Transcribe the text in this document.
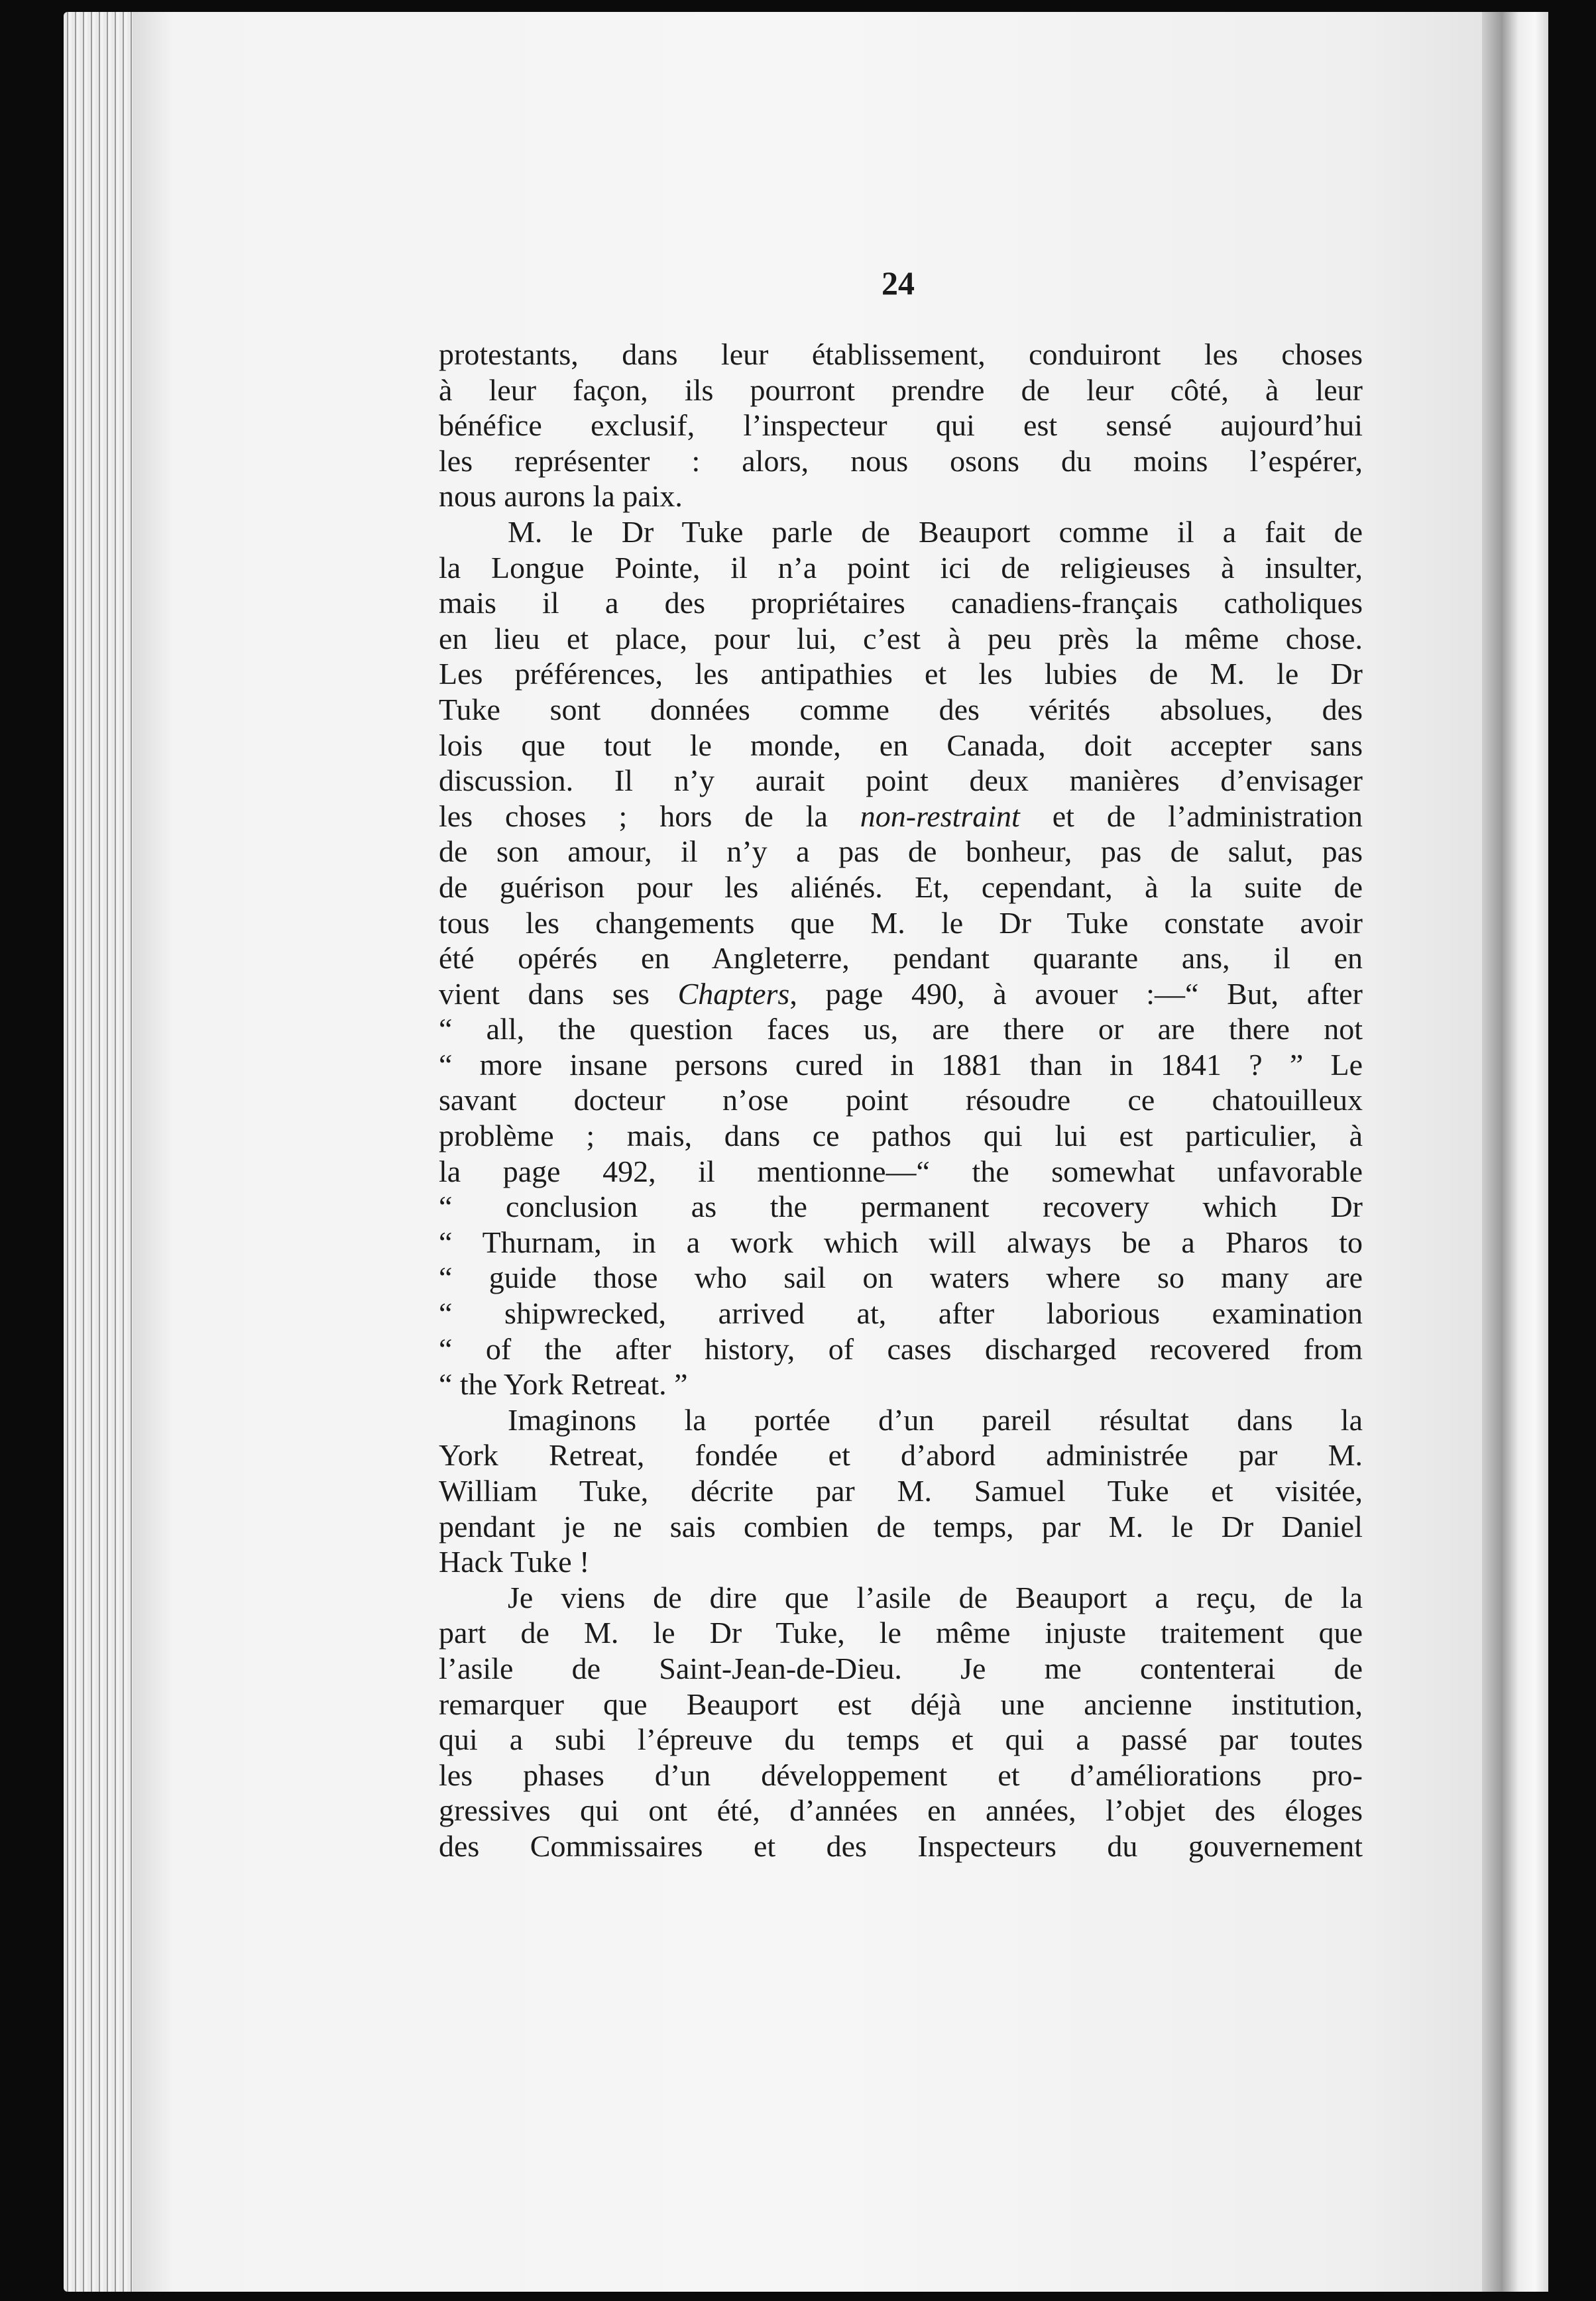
24
protestants, dans leur établissement, conduiront les choses
à leur façon, ils pourront prendre de leur côté, à leur
bénéfice exclusif, l’inspecteur qui est sensé aujourd’hui
les représenter : alors, nous osons du moins l’espérer,
nous aurons la paix.
M. le Dr Tuke parle de Beauport comme il a fait de
la Longue Pointe, il n’a point ici de religieuses à insulter,
mais il a des propriétaires canadiens-français catholiques
en lieu et place, pour lui, c’est à peu près la même chose.
Les préférences, les antipathies et les lubies de M. le Dr
Tuke sont données comme des vérités absolues, des
lois que tout le monde, en Canada, doit accepter sans
discussion. Il n’y aurait point deux manières d’envisager
les choses ; hors de la non-restraint et de l’administration
de son amour, il n’y a pas de bonheur, pas de salut, pas
de guérison pour les aliénés. Et, cependant, à la suite de
tous les changements que M. le Dr Tuke constate avoir
été opérés en Angleterre, pendant quarante ans, il en
vient dans ses Chapters, page 490, à avouer :—“ But, after
“ all, the question faces us, are there or are there not
“ more insane persons cured in 1881 than in 1841 ? ” Le
savant docteur n’ose point résoudre ce chatouilleux
problème ; mais, dans ce pathos qui lui est particulier, à
la page 492, il mentionne—“ the somewhat unfavorable
“ conclusion as the permanent recovery which Dr
“ Thurnam, in a work which will always be a Pharos to
“ guide those who sail on waters where so many are
“ shipwrecked, arrived at, after laborious examination
“ of the after history, of cases discharged recovered from
“ the York Retreat. ”
Imaginons la portée d’un pareil résultat dans la
York Retreat, fondée et d’abord administrée par M.
William Tuke, décrite par M. Samuel Tuke et visitée,
pendant je ne sais combien de temps, par M. le Dr Daniel
Hack Tuke !
Je viens de dire que l’asile de Beauport a reçu, de la
part de M. le Dr Tuke, le même injuste traitement que
l’asile de Saint-Jean-de-Dieu. Je me contenterai de
remarquer que Beauport est déjà une ancienne institution,
qui a subi l’épreuve du temps et qui a passé par toutes
les phases d’un développement et d’améliorations pro-
gressives qui ont été, d’années en années, l’objet des éloges
des Commissaires et des Inspecteurs du gouvernement
